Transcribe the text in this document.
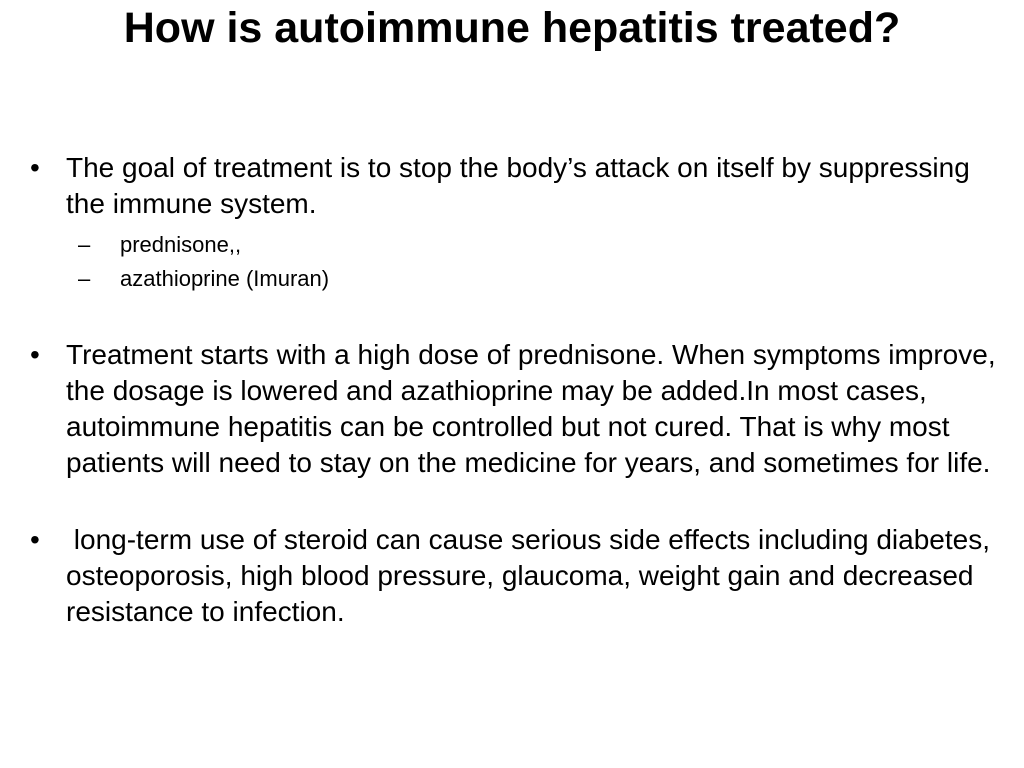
How is autoimmune hepatitis treated?
• The goal of treatment is to stop the body’s attack on itself by suppressing the immune system.
– prednisone,,
– azathioprine (Imuran)
• Treatment starts with a high dose of prednisone. When symptoms improve, the dosage is lowered and azathioprine may be added.In most cases, autoimmune hepatitis can be controlled but not cured. That is why most patients will need to stay on the medicine for years, and sometimes for life.
• long-term use of steroid can cause serious side effects including diabetes, osteoporosis, high blood pressure, glaucoma, weight gain and decreased resistance to infection.
